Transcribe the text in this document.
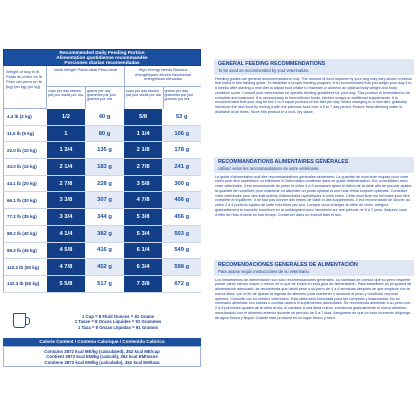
Recommended Daily Feeding Portion
Alimentation quotidienne recommandée
Porciones diarias recomendadas
Weight of dog in lb Poids du chien en lb Peso del perro en lb (kg) (en kg) (en kg)
Ideal Weight Poids idéal Peso ideal
cups per day tasses par jour tazas por día
grams per day grammes par jour gramos por día
High energy needs Besoins énergétiques élevés Necesidad energéticas elevadas
cups per day tasses par jour tazas por día
grams per day grammes par jour gramos por día
4.4 lb (2 kg)	1/2	40 g	5/8	53 g
11.0 lb (5 kg)	1	80 g	1 1/4	106 g
22.0 lb (10 kg)	1 3/4	135 g	2 1/8	178 g
33.0 lb (15 kg)	2 1/4	183 g	2 7/8	241 g
44.1 lb (20 kg)	2 7/8	228 g	3 5/8	300 g
66.1 lb (30 kg)	3 3/8	307 g	4 7/8	406 g
77.2 lb (35 kg)	3 3/4	344 g	5 3/8	456 g
88.2 lb (40 kg)	4 1/4	382 g	5 3/4	503 g
99.2 lb (45 kg)	4 5/8	416 g	6 1/4	549 g
110.2 lb (50 kg)	4 7/8	452 g	6 3/4	598 g
132.3 lb (60 kg)	5 5/8	517 g	7 3/8	672 g
1 Cup = 8 Fluid Ounces = 91 Grams
1 Tasse = 8 Onces Liquides = 91 Grammes
1 Taza = 8 Onzas Líquidas = 91 Gramos
Calorie Content / Contenu Calorique / Contenido Calórico
Contains 3872 kcal ME/kg (calculated), 352 kcal ME/cup
Contient 3872 kcal EM/kg (calculé), 352 kcal EM/tasse
Contiene 3872 kcal EM/kg (calculado), 352 kcal EM/taza
GENERAL FEEDING RECOMMENDATIONS
To be used as recommended by your veterinarian.

Feeding guides are general recommendations only. The amount of food required by your dog may vary above or below that listed in this feeding guide. To establish a proper feeding program, it is recommended that you weigh your dog 4 to 6 weeks after starting a new diet to adjust food intake to maintain or achieve an optimal body weight and body condition score. Consult your veterinarian for specific feeding guidelines for your dog. This product is formulated to be complete and balanced. It is unnecessary to feed leftover foods, kitchen scraps or additional supplements. It is recommended that your dog be fed 2 to 4 equal portions of the diet per day. When changing to a new diet, gradually introduce the new food by mixing it with the previous food over a 5 to 7 day period. Ensure fresh drinking water is available at all times. Store this product in a cool, dry place.

RECOMMANDATIONS ALIMENTAIRES GÉNÉRALES
Utilisez selon les recommandations de votre vétérinaire.

Le guide d'alimentation soit des recommandations générales seulement. La quantité de nourriture requise pour votre chien peut être supérieure ou inférieure à l'information contenue dans ce guide d'alimentation. Sur consultation avec votre vétérinaire, il est recommandé de peser le chien 4 à 6 semaines après le début de la diète afin de pouvoir ajuster la quantité de nourriture pour maintenir ou atteindre un poids optimal et une note d'état corporel optimale. Consultez votre vétérinaire pour des instructions d'alimentation spécifiques à votre chien. Cette nourriture est formulée pour être complète et équilibrée. Il ne faut pas donner des restes de table ni des suppléments. Il est recommandé de donner au chien 2 à 4 portions égales de cette nourriture par jour. Lorsque vous changez la diète du chien, intégrez graduellement la nouvelle nourriture en la mélangeant avec l'ancienne sur une période de 5 à 7 jours. Assurez-vous d'offrir de l'eau fraîche en tout temps. Conserver dans un endroit frais et sec.

RECOMENDACIONES GENERALES DE ALIMENTACIÓN
Para usarse según instrucciones de su veterinario.

Los lineamientos de alimentación son sólo recomendaciones generales. La cantidad de comida que su perro requiere puede variar siendo mayor o menor de lo que se indica en esta guía de alimentación. Para establecer un programa de alimentación adecuado, se recomienda que usted pese a su perro de 4 a 6 semanas después de que empiece con la nueva dieta, con el fin de ajustar la ingesta de alimento para mantener o alcanzar el peso y condición corporal óptimos. Consulte con su médico veterinario. Esta dieta está formulada para ser completa y balanceada. No se necesario alimentar con sobras o comida casera ni suplementos adicionales. Se recomienda alimentar a su perro con 2 a 4 porciones iguales de la dieta al día. Al cambiar a una dieta nueva, introduzca gradualmente el nuevo alimento mezclándolo con el alimento anterior durante un periodo de 5 a 7 días. Asegúrese de que en todo momento disponga de agua fresca y limpia. Guarde este producto en un lugar fresco y seco.
